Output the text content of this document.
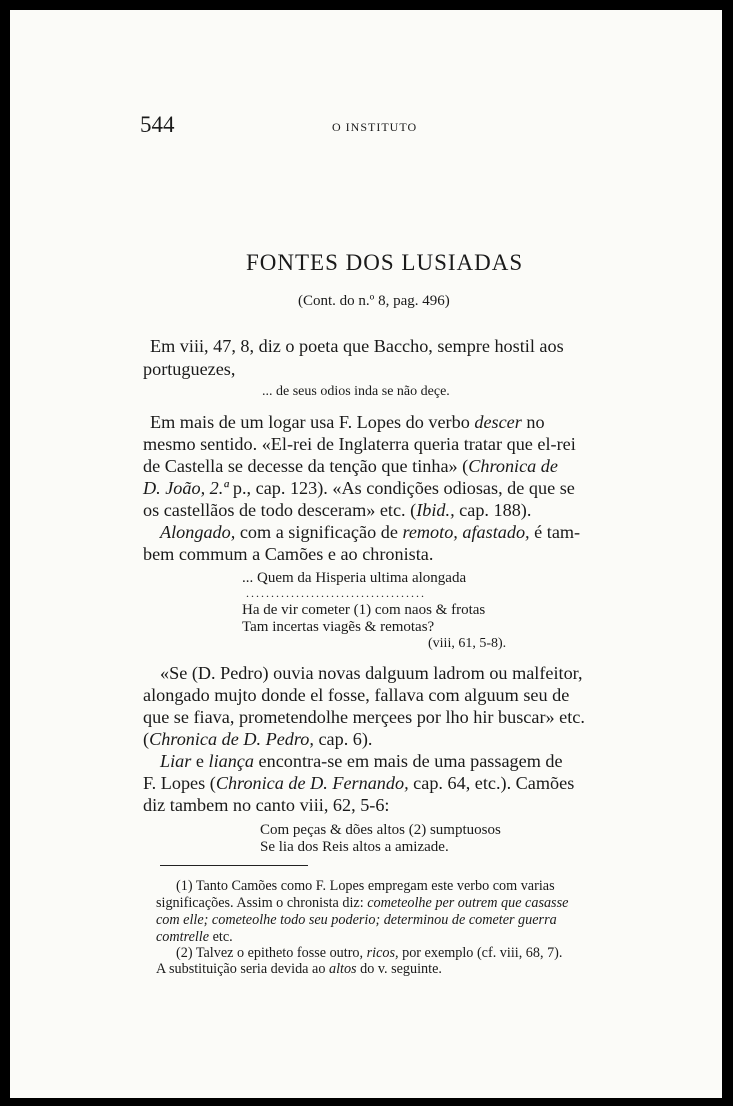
544	O INSTITUTO
FONTES DOS LUSIADAS
(Cont. do n.º 8, pag. 496)
Em viii, 47, 8, diz o poeta que Baccho, sempre hostil aos
portuguezes,
... de seus odios inda se não deçe.
Em mais de um logar usa F. Lopes do verbo descer no
mesmo sentido. «El-rei de Inglaterra queria tratar que el-rei
de Castella se decesse da tenção que tinha» (Chronica de
D. João, 2.ª p., cap. 123). «As condições odiosas, de que se
os castellãos de todo desceram» etc. (Ibid., cap. 188).
Alongado, com a significação de remoto, afastado, é tam-
bem commum a Camões e ao chronista.
... Quem da Hisperia ultima alongada
....................................
Ha de vir cometer (1) com naos & frotas
Tam incertas viagẽs & remotas?
(viii, 61, 5-8).
«Se (D. Pedro) ouvia novas dalguum ladrom ou malfeitor,
alongado mujto donde el fosse, fallava com alguum seu de
que se fiava, prometendolhe merçees por lho hir buscar» etc.
(Chronica de D. Pedro, cap. 6).
Liar e liança encontra-se em mais de uma passagem de
F. Lopes (Chronica de D. Fernando, cap. 64, etc.). Camões
diz tambem no canto viii, 62, 5-6:
Com peças & dões altos (2) sumptuosos
Se lia dos Reis altos a amizade.
(1) Tanto Camões como F. Lopes empregam este verbo com varias
significações. Assim o chronista diz: cometeolhe per outrem que casasse
com elle; cometeolhe todo seu poderio; determinou de cometer guerra
comtrelle etc.
(2) Talvez o epitheto fosse outro, ricos, por exemplo (cf. viii, 68, 7).
A substituição seria devida ao altos do v. seguinte.
